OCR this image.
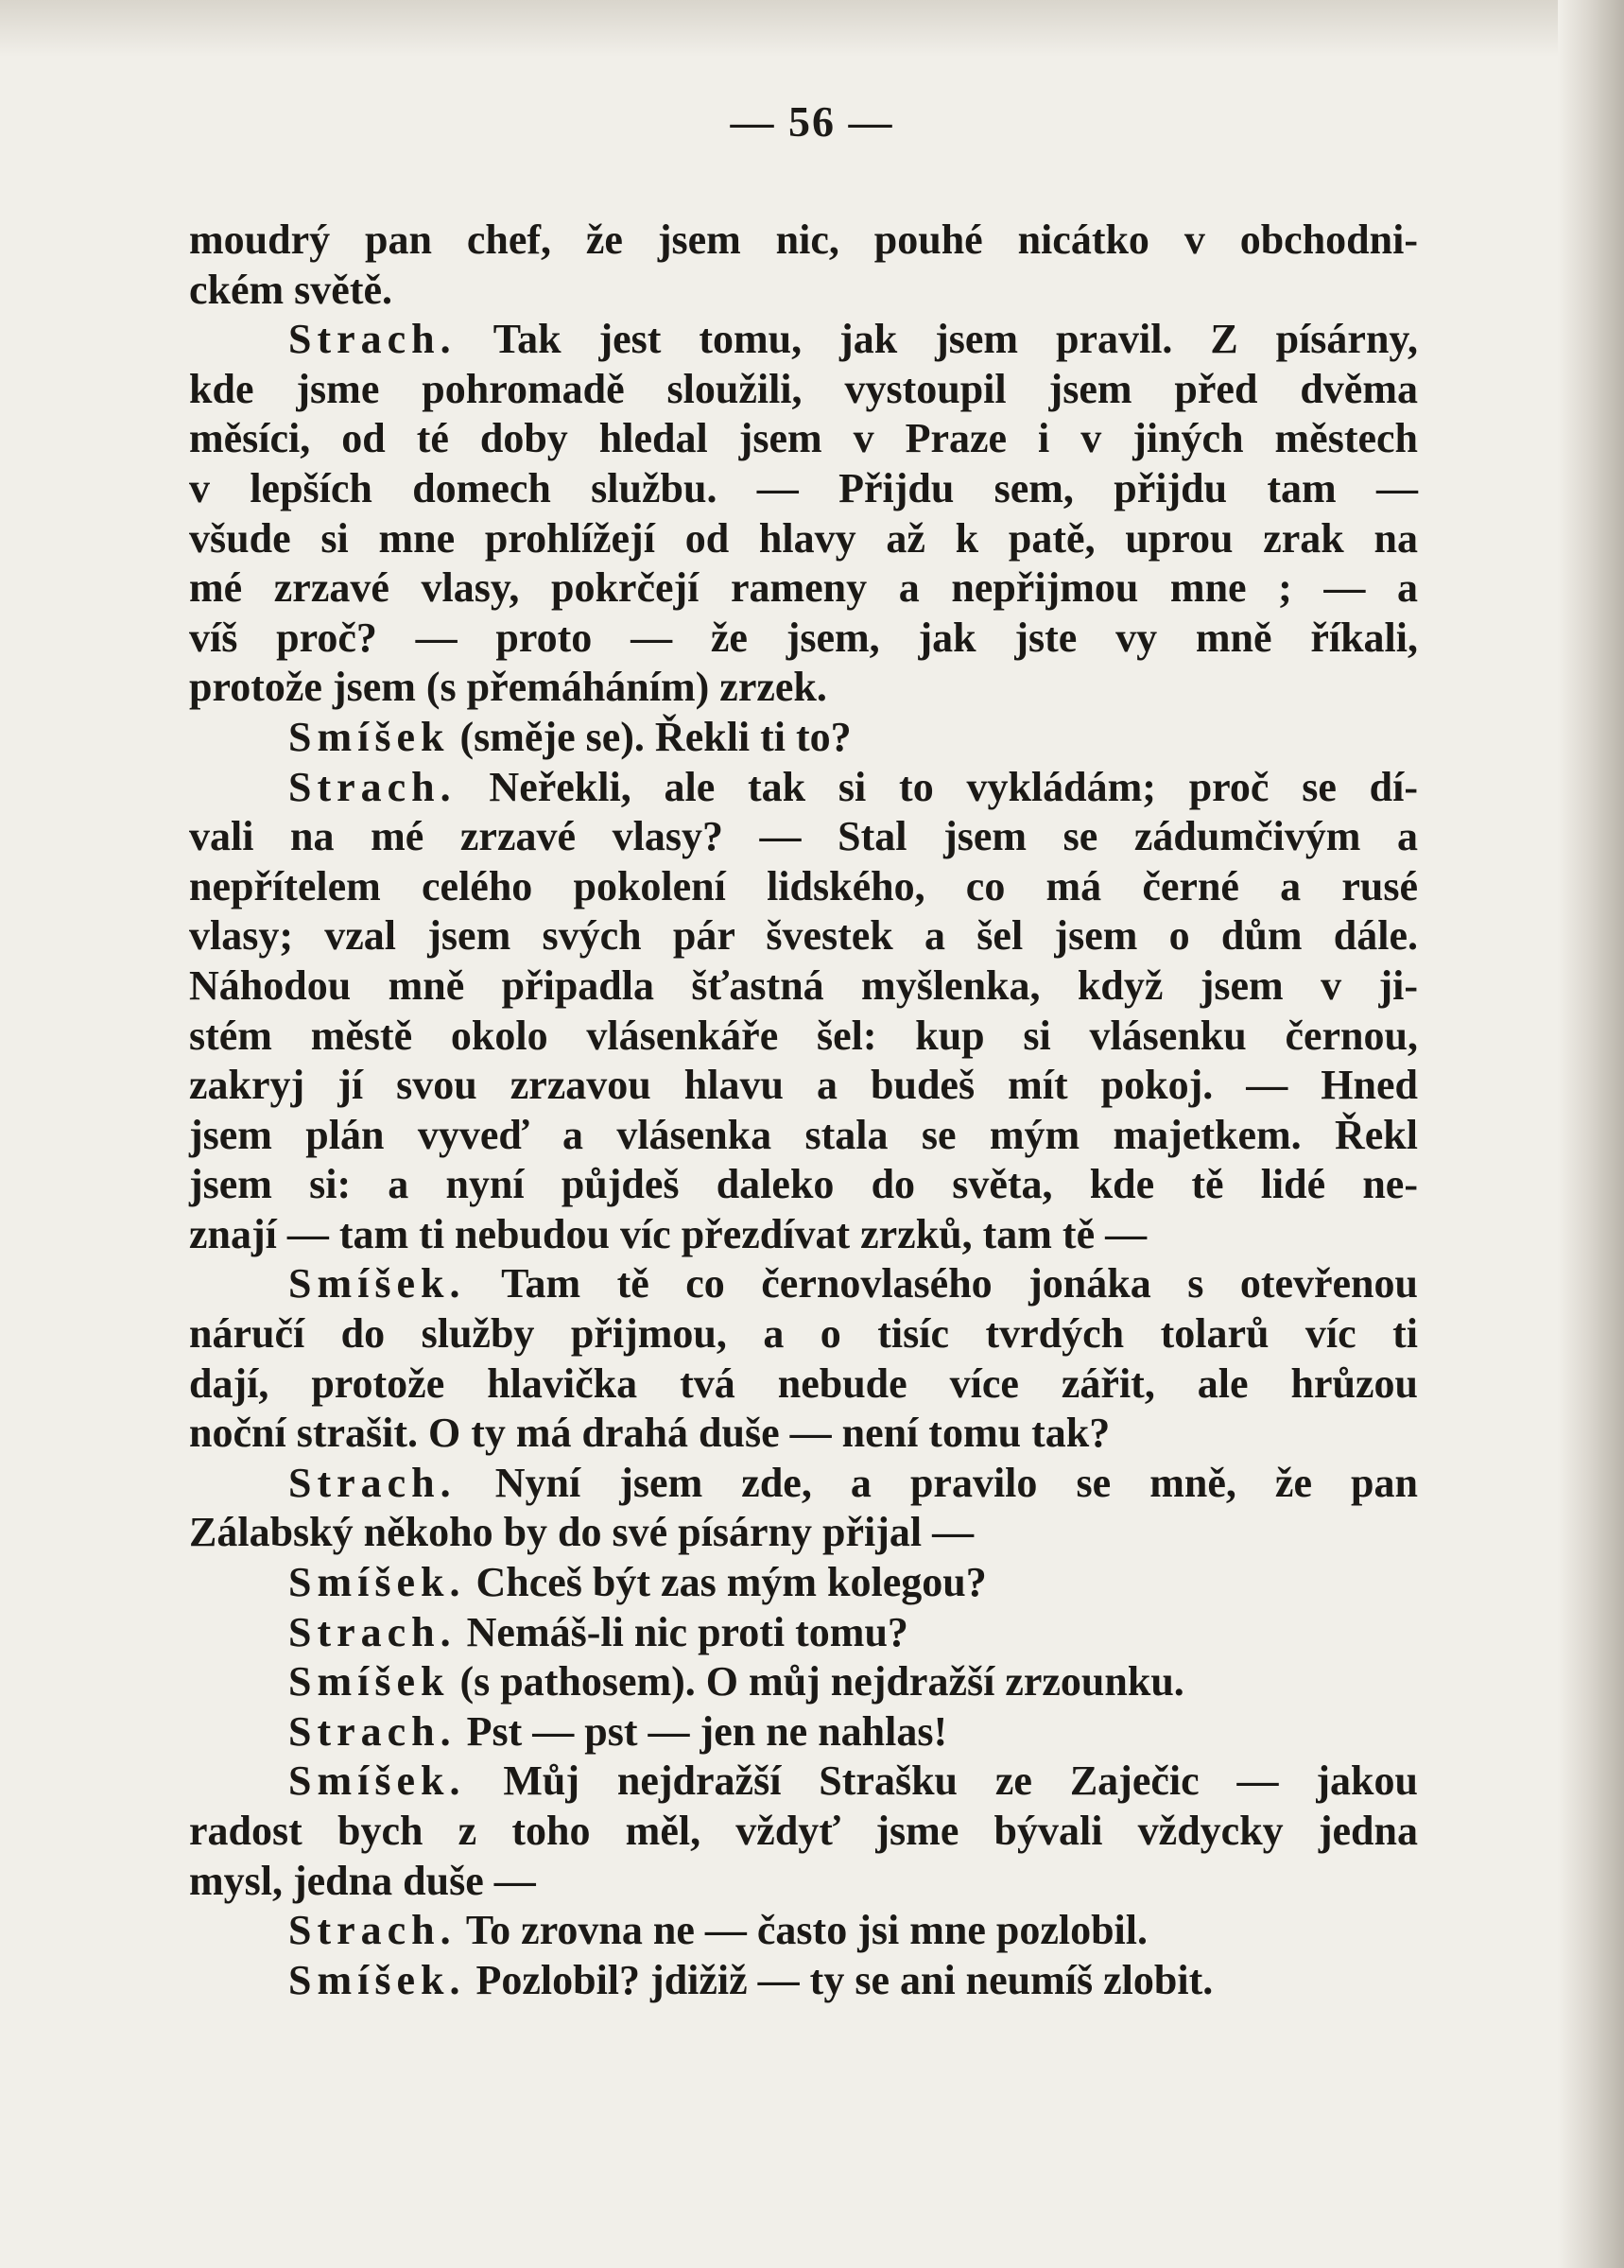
— 56 —
moudrý pan chef, že jsem nic, pouhé nicátko v obchodni-
ckém světě.
Strach. Tak jest tomu, jak jsem pravil. Z písárny,
kde jsme pohromadě sloužili, vystoupil jsem před dvěma
měsíci, od té doby hledal jsem v Praze i v jiných městech
v lepších domech službu. — Přijdu sem, přijdu tam —
všude si mne prohlížejí od hlavy až k patě, uprou zrak na
mé zrzavé vlasy, pokrčejí rameny a nepřijmou mne ; — a
víš proč? — proto — že jsem, jak jste vy mně říkali,
protože jsem (s přemáháním) zrzek.
Smíšek (směje se). Řekli ti to?
Strach. Neřekli, ale tak si to vykládám; proč se dí-
vali na mé zrzavé vlasy? — Stal jsem se zádumčivým a
nepřítelem celého pokolení lidského, co má černé a rusé
vlasy; vzal jsem svých pár švestek a šel jsem o dům dále.
Náhodou mně připadla šťastná myšlenka, když jsem v ji-
stém městě okolo vlásenkáře šel: kup si vlásenku černou,
zakryj jí svou zrzavou hlavu a budeš mít pokoj. — Hned
jsem plán vyveď a vlásenka stala se mým majetkem. Řekl
jsem si: a nyní půjdeš daleko do světa, kde tě lidé ne-
znají — tam ti nebudou víc přezdívat zrzků, tam tě —
Smíšek. Tam tě co černovlasého jonáka s otevřenou
náručí do služby přijmou, a o tisíc tvrdých tolarů víc ti
dají, protože hlavička tvá nebude více zářit, ale hrůzou
noční strašit. O ty má drahá duše — není tomu tak?
Strach. Nyní jsem zde, a pravilo se mně, že pan
Zálabský někoho by do své písárny přijal —
Smíšek. Chceš být zas mým kolegou?
Strach. Nemáš-li nic proti tomu?
Smíšek (s pathosem). O můj nejdražší zrzounku.
Strach. Pst — pst — jen ne nahlas!
Smíšek. Můj nejdražší Strašku ze Zaječic — jakou
radost bych z toho měl, vždyť jsme bývali vždycky jedna
mysl, jedna duše —
Strach. To zrovna ne — často jsi mne pozlobil.
Smíšek. Pozlobil? jdižiž — ty se ani neumíš zlobit.
